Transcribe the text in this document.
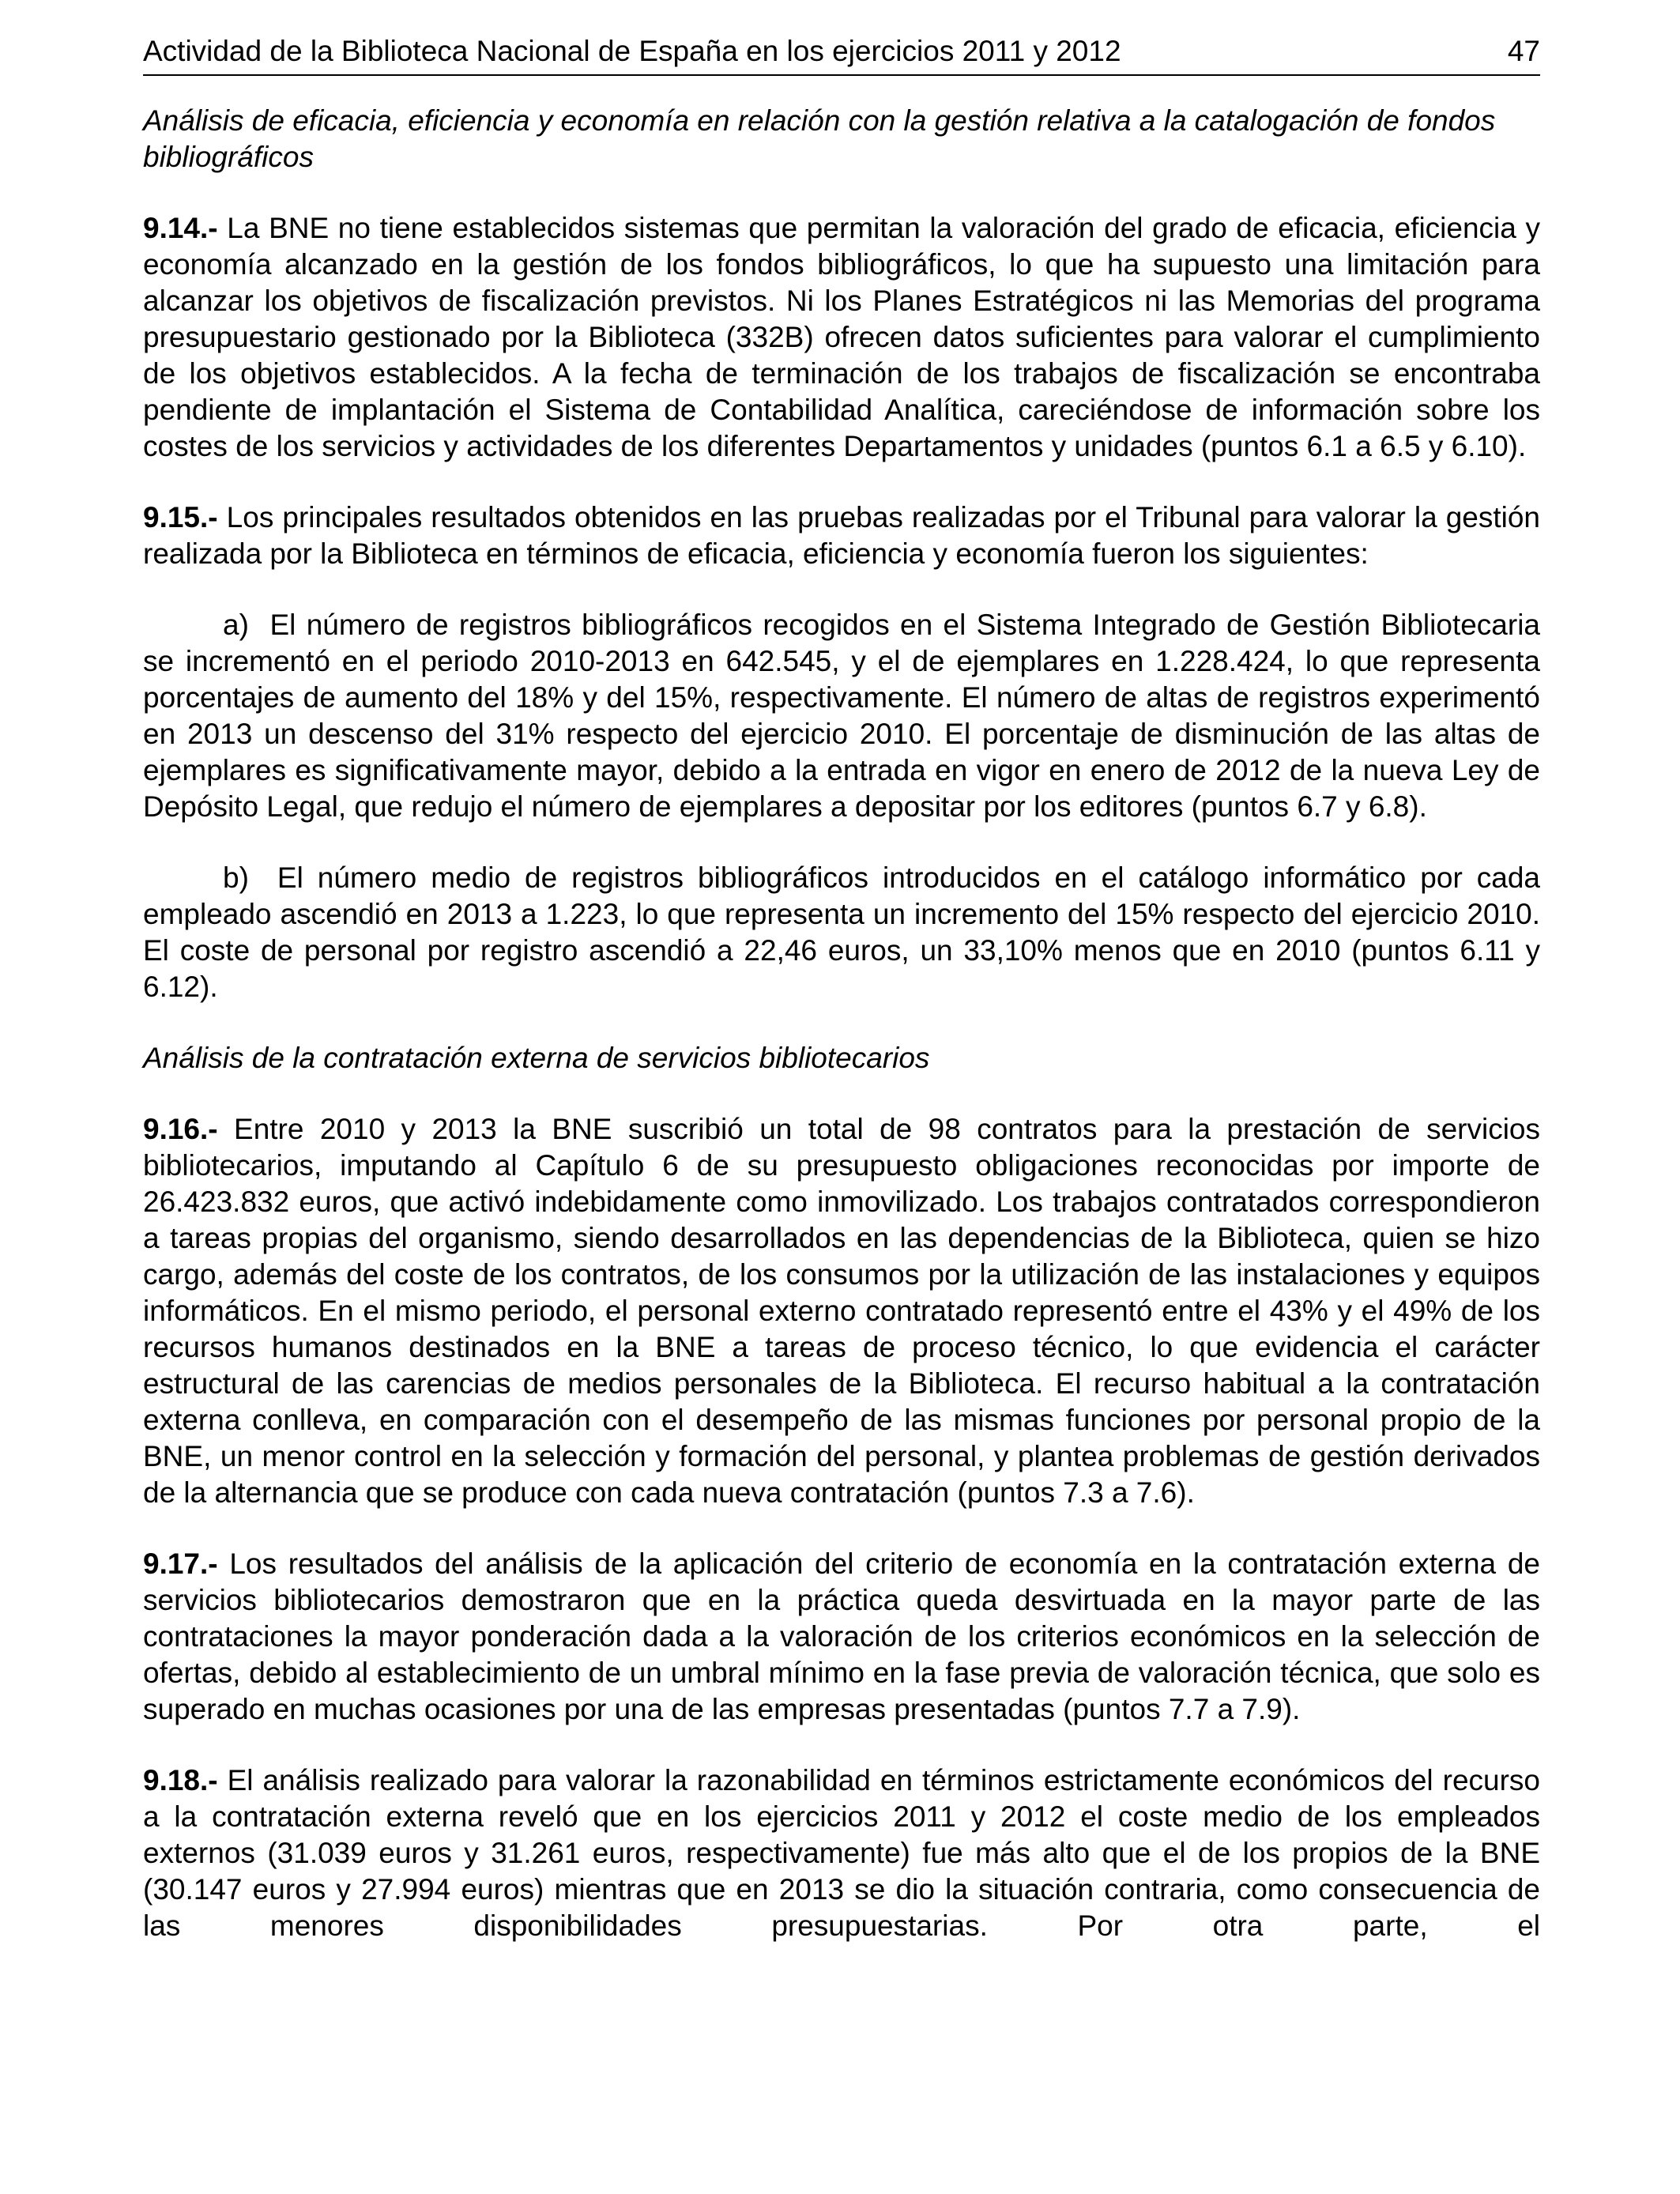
Actividad de la Biblioteca Nacional de España en los ejercicios 2011 y 2012	47

Análisis de eficacia, eficiencia y economía en relación con la gestión relativa a la catalogación de fondos bibliográficos

9.14.- La BNE no tiene establecidos sistemas que permitan la valoración del grado de eficacia, eficiencia y economía alcanzado en la gestión de los fondos bibliográficos, lo que ha supuesto una limitación para alcanzar los objetivos de fiscalización previstos. Ni los Planes Estratégicos ni las Memorias del programa presupuestario gestionado por la Biblioteca (332B) ofrecen datos suficientes para valorar el cumplimiento de los objetivos establecidos. A la fecha de terminación de los trabajos de fiscalización se encontraba pendiente de implantación el Sistema de Contabilidad Analítica, careciéndose de información sobre los costes de los servicios y actividades de los diferentes Departamentos y unidades (puntos 6.1 a 6.5 y 6.10).

9.15.- Los principales resultados obtenidos en las pruebas realizadas por el Tribunal para valorar la gestión realizada por la Biblioteca en términos de eficacia, eficiencia y economía fueron los siguientes:

a)  El número de registros bibliográficos recogidos en el Sistema Integrado de Gestión Bibliotecaria se incrementó en el periodo 2010-2013 en 642.545, y el de ejemplares en 1.228.424, lo que representa porcentajes de aumento del 18% y del 15%, respectivamente. El número de altas de registros experimentó en 2013 un descenso del 31% respecto del ejercicio 2010. El porcentaje de disminución de las altas de ejemplares es significativamente mayor, debido a la entrada en vigor en enero de 2012 de la nueva Ley de Depósito Legal, que redujo el número de ejemplares a depositar por los editores (puntos 6.7 y 6.8).

b)  El número medio de registros bibliográficos introducidos en el catálogo informático por cada empleado ascendió en 2013 a 1.223, lo que representa un incremento del 15% respecto del ejercicio 2010. El coste de personal por registro ascendió a 22,46 euros, un 33,10% menos que en 2010 (puntos 6.11 y 6.12).

Análisis de la contratación externa de servicios bibliotecarios

9.16.- Entre 2010 y 2013 la BNE suscribió un total de 98 contratos para la prestación de servicios bibliotecarios, imputando al Capítulo 6 de su presupuesto obligaciones reconocidas por importe de 26.423.832 euros, que activó indebidamente como inmovilizado. Los trabajos contratados correspondieron a tareas propias del organismo, siendo desarrollados en las dependencias de la Biblioteca, quien se hizo cargo, además del coste de los contratos, de los consumos por la utilización de las instalaciones y equipos informáticos. En el mismo periodo, el personal externo contratado representó entre el 43% y el 49% de los recursos humanos destinados en la BNE a tareas de proceso técnico, lo que evidencia el carácter estructural de las carencias de medios personales de la Biblioteca. El recurso habitual a la contratación externa conlleva, en comparación con el desempeño de las mismas funciones por personal propio de la BNE, un menor control en la selección y formación del personal, y plantea problemas de gestión derivados de la alternancia que se produce con cada nueva contratación (puntos 7.3 a 7.6).

9.17.- Los resultados del análisis de la aplicación del criterio de economía en la contratación externa de servicios bibliotecarios demostraron que en la práctica queda desvirtuada en la mayor parte de las contrataciones la mayor ponderación dada a la valoración de los criterios económicos en la selección de ofertas, debido al establecimiento de un umbral mínimo en la fase previa de valoración técnica, que solo es superado en muchas ocasiones por una de las empresas presentadas (puntos 7.7 a 7.9).

9.18.- El análisis realizado para valorar la razonabilidad en términos estrictamente económicos del recurso a la contratación externa reveló que en los ejercicios 2011 y 2012 el coste medio de los empleados externos (31.039 euros y 31.261 euros, respectivamente) fue más alto que el de los propios de la BNE (30.147 euros y 27.994 euros) mientras que en 2013 se dio la situación contraria, como consecuencia de las menores disponibilidades presupuestarias. Por otra parte, el
